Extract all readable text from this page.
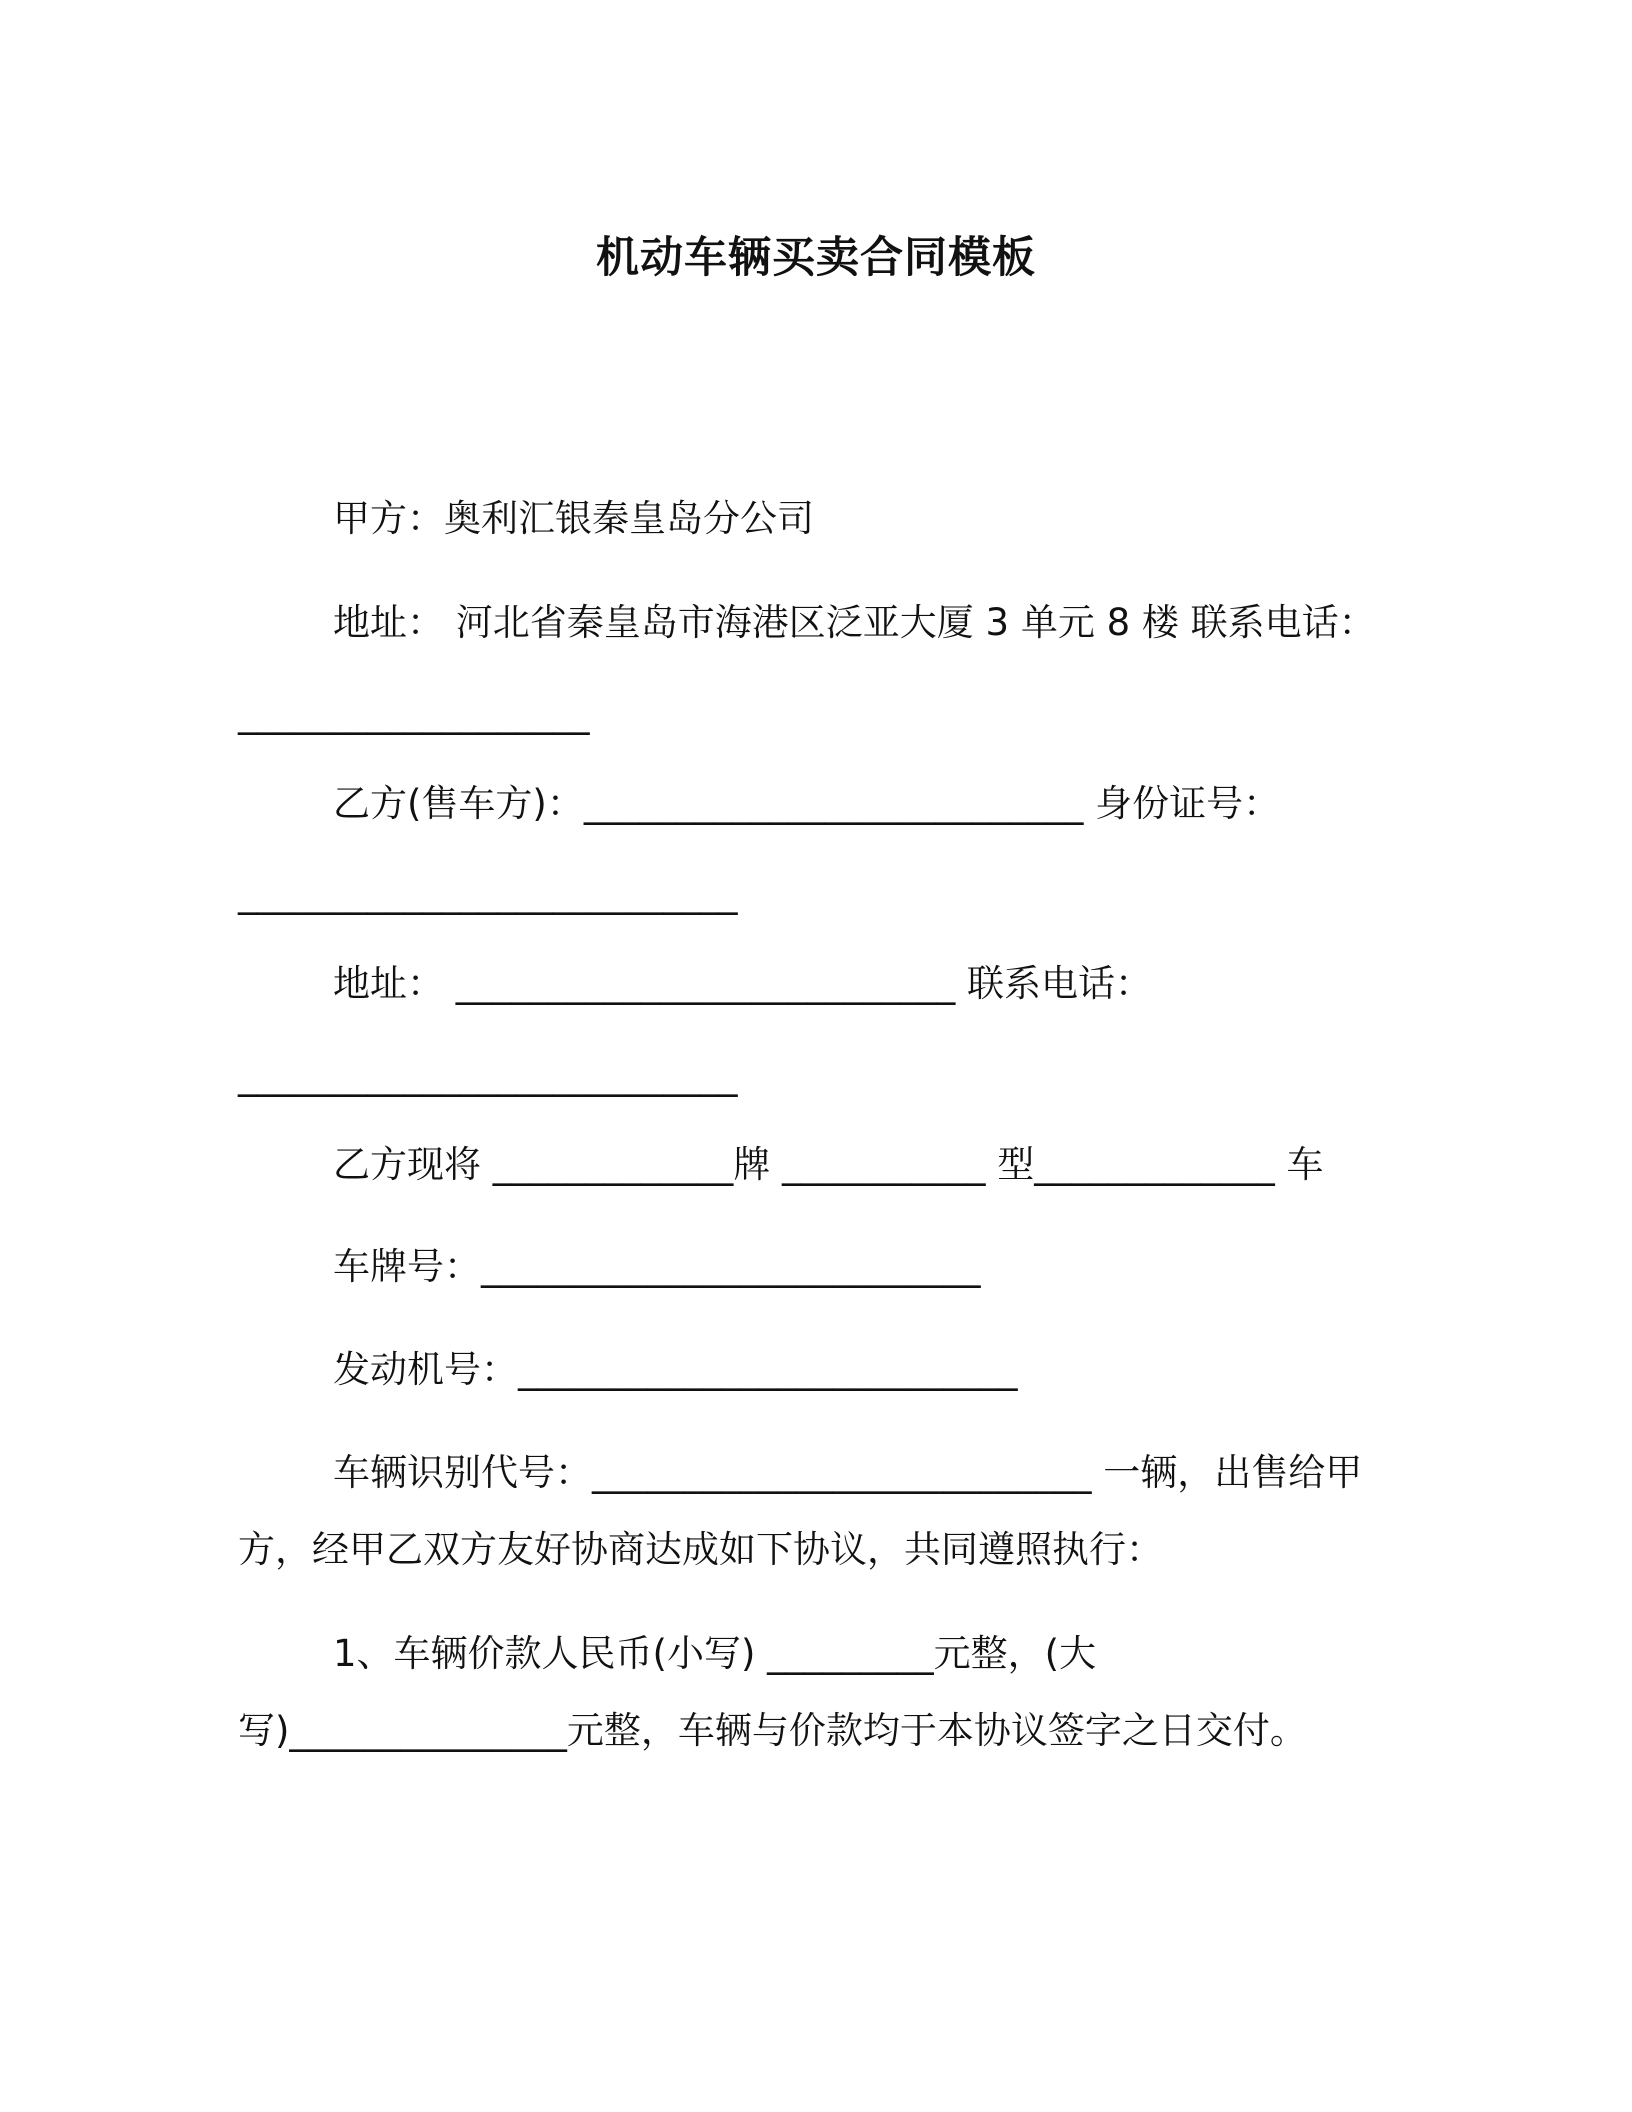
机动车辆买卖合同模板
甲方：奥利汇银秦皇岛分公司
地址： 河北省秦皇岛市海港区泛亚大厦 3 单元 8 楼 联系电话：
___________________
乙方(售车方)：___________________________ 身份证号：
___________________________
地址： ___________________________ 联系电话：
___________________________
乙方现将 _____________牌 ___________ 型_____________ 车
车牌号：___________________________
发动机号：___________________________
车辆识别代号：___________________________ 一辆，出售给甲
方，经甲乙双方友好协商达成如下协议，共同遵照执行：
1、车辆价款人民币(小写) _________元整，(大
写)_______________元整，车辆与价款均于本协议签字之日交付。
